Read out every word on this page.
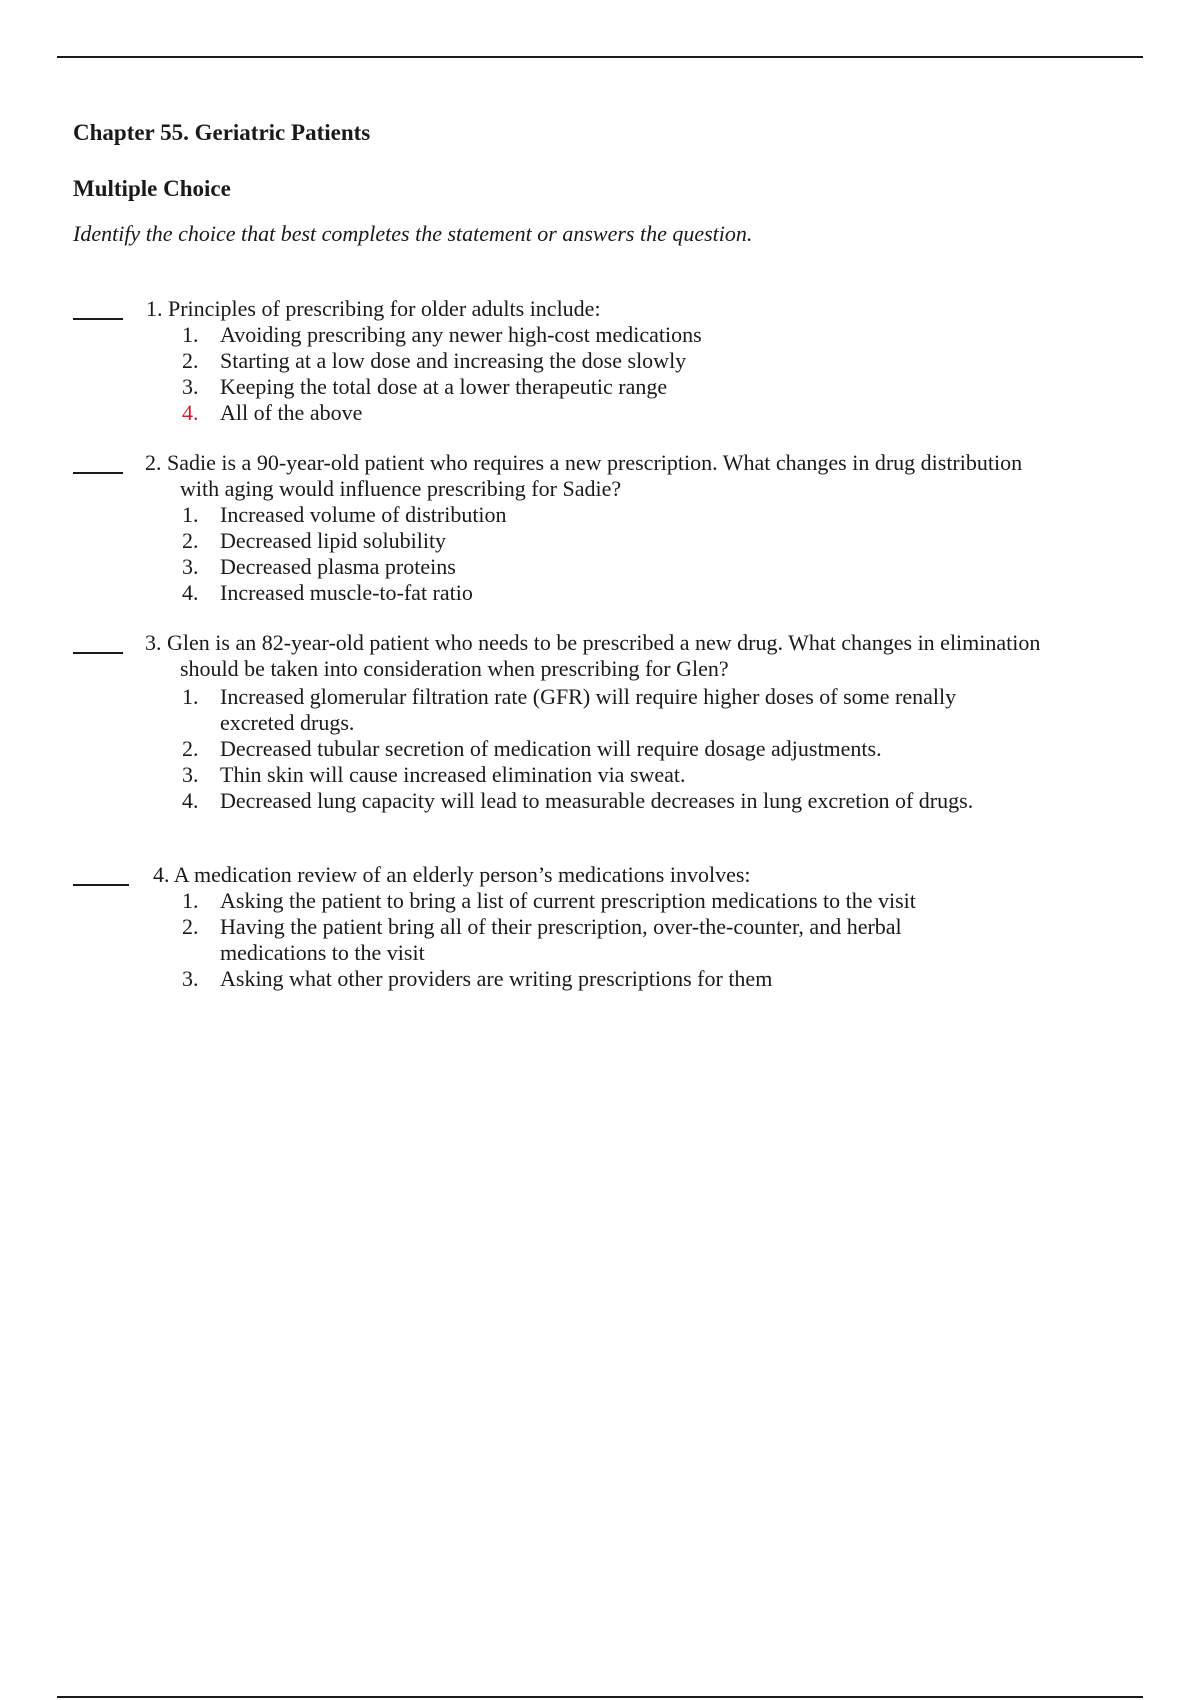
Chapter 55. Geriatric Patients
Multiple Choice
Identify the choice that best completes the statement or answers the question.
1. Principles of prescribing for older adults include:
1. Avoiding prescribing any newer high-cost medications
2. Starting at a low dose and increasing the dose slowly
3. Keeping the total dose at a lower therapeutic range
4. All of the above
2. Sadie is a 90-year-old patient who requires a new prescription. What changes in drug distribution
with aging would influence prescribing for Sadie?
1. Increased volume of distribution
2. Decreased lipid solubility
3. Decreased plasma proteins
4. Increased muscle-to-fat ratio
3. Glen is an 82-year-old patient who needs to be prescribed a new drug. What changes in elimination
should be taken into consideration when prescribing for Glen?
1. Increased glomerular filtration rate (GFR) will require higher doses of some renally excreted drugs.
2. Decreased tubular secretion of medication will require dosage adjustments.
3. Thin skin will cause increased elimination via sweat.
4. Decreased lung capacity will lead to measurable decreases in lung excretion of drugs.
4. A medication review of an elderly person’s medications involves:
1. Asking the patient to bring a list of current prescription medications to the visit
2. Having the patient bring all of their prescription, over-the-counter, and herbal medications to the visit
3. Asking what other providers are writing prescriptions for them
